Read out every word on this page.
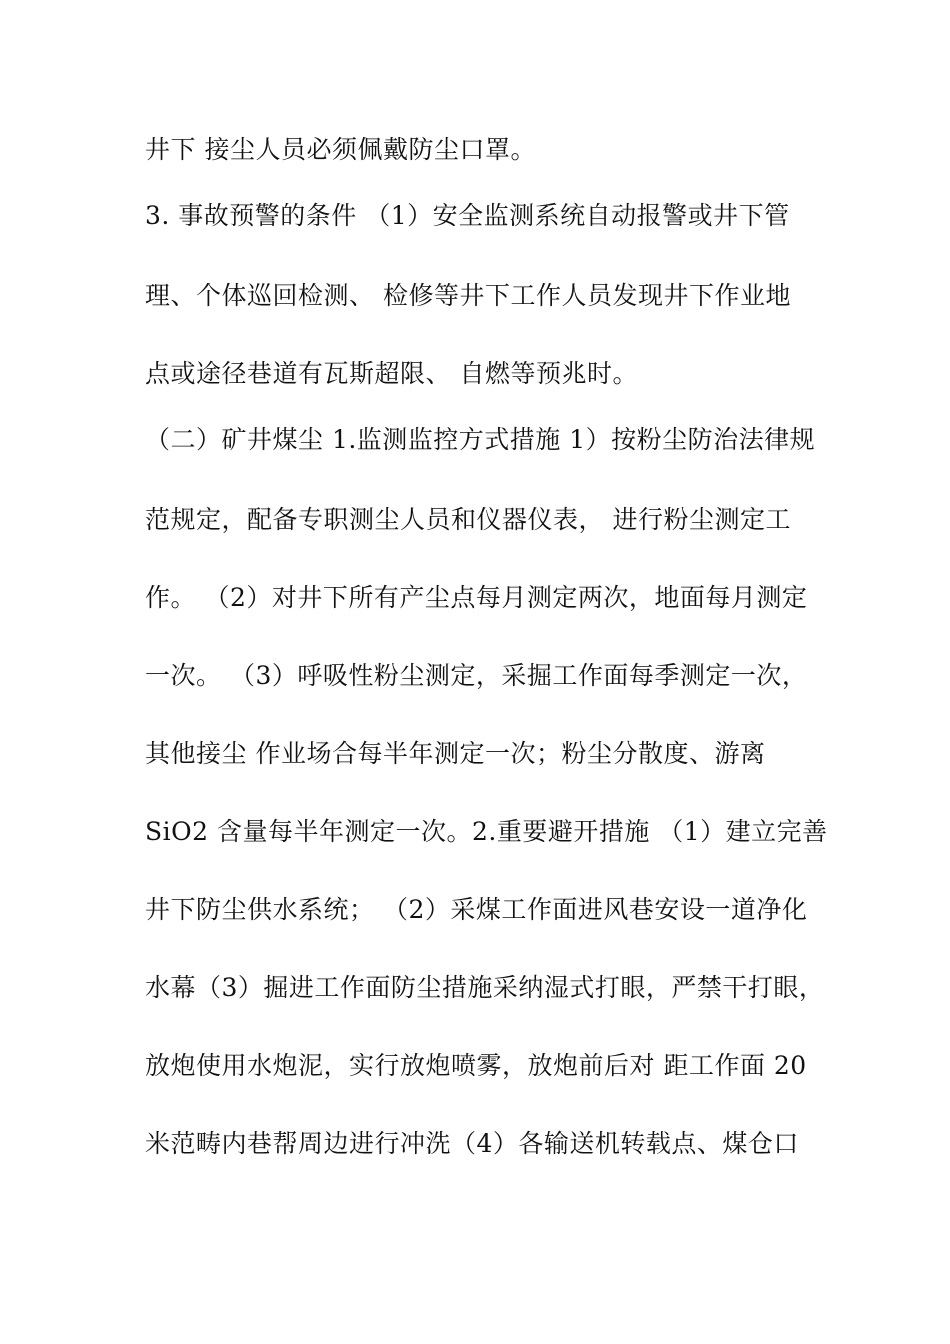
井下 接尘人员必须佩戴防尘口罩。
3. 事故预警的条件 （1）安全监测系统自动报警或井下管
理、个体巡回检测、 检修等井下工作人员发现井下作业地
点或途径巷道有瓦斯超限、 自燃等预兆时。
（二）矿井煤尘 1.监测监控方式措施 1）按粉尘防治法律规
范规定，配备专职测尘人员和仪器仪表， 进行粉尘测定工
作。 （2）对井下所有产尘点每月测定两次，地面每月测定
一次。 （3）呼吸性粉尘测定，采掘工作面每季测定一次，
其他接尘 作业场合每半年测定一次；粉尘分散度、游离
SiO2 含量每半年测定一次。2.重要避开措施 （1）建立完善
井下防尘供水系统； （2）采煤工作面进风巷安设一道净化
水幕（3）掘进工作面防尘措施采纳湿式打眼，严禁干打眼，
放炮使用水炮泥，实行放炮喷雾，放炮前后对 距工作面 20
米范畴内巷帮周边进行冲洗（4）各输送机转载点、煤仓口
